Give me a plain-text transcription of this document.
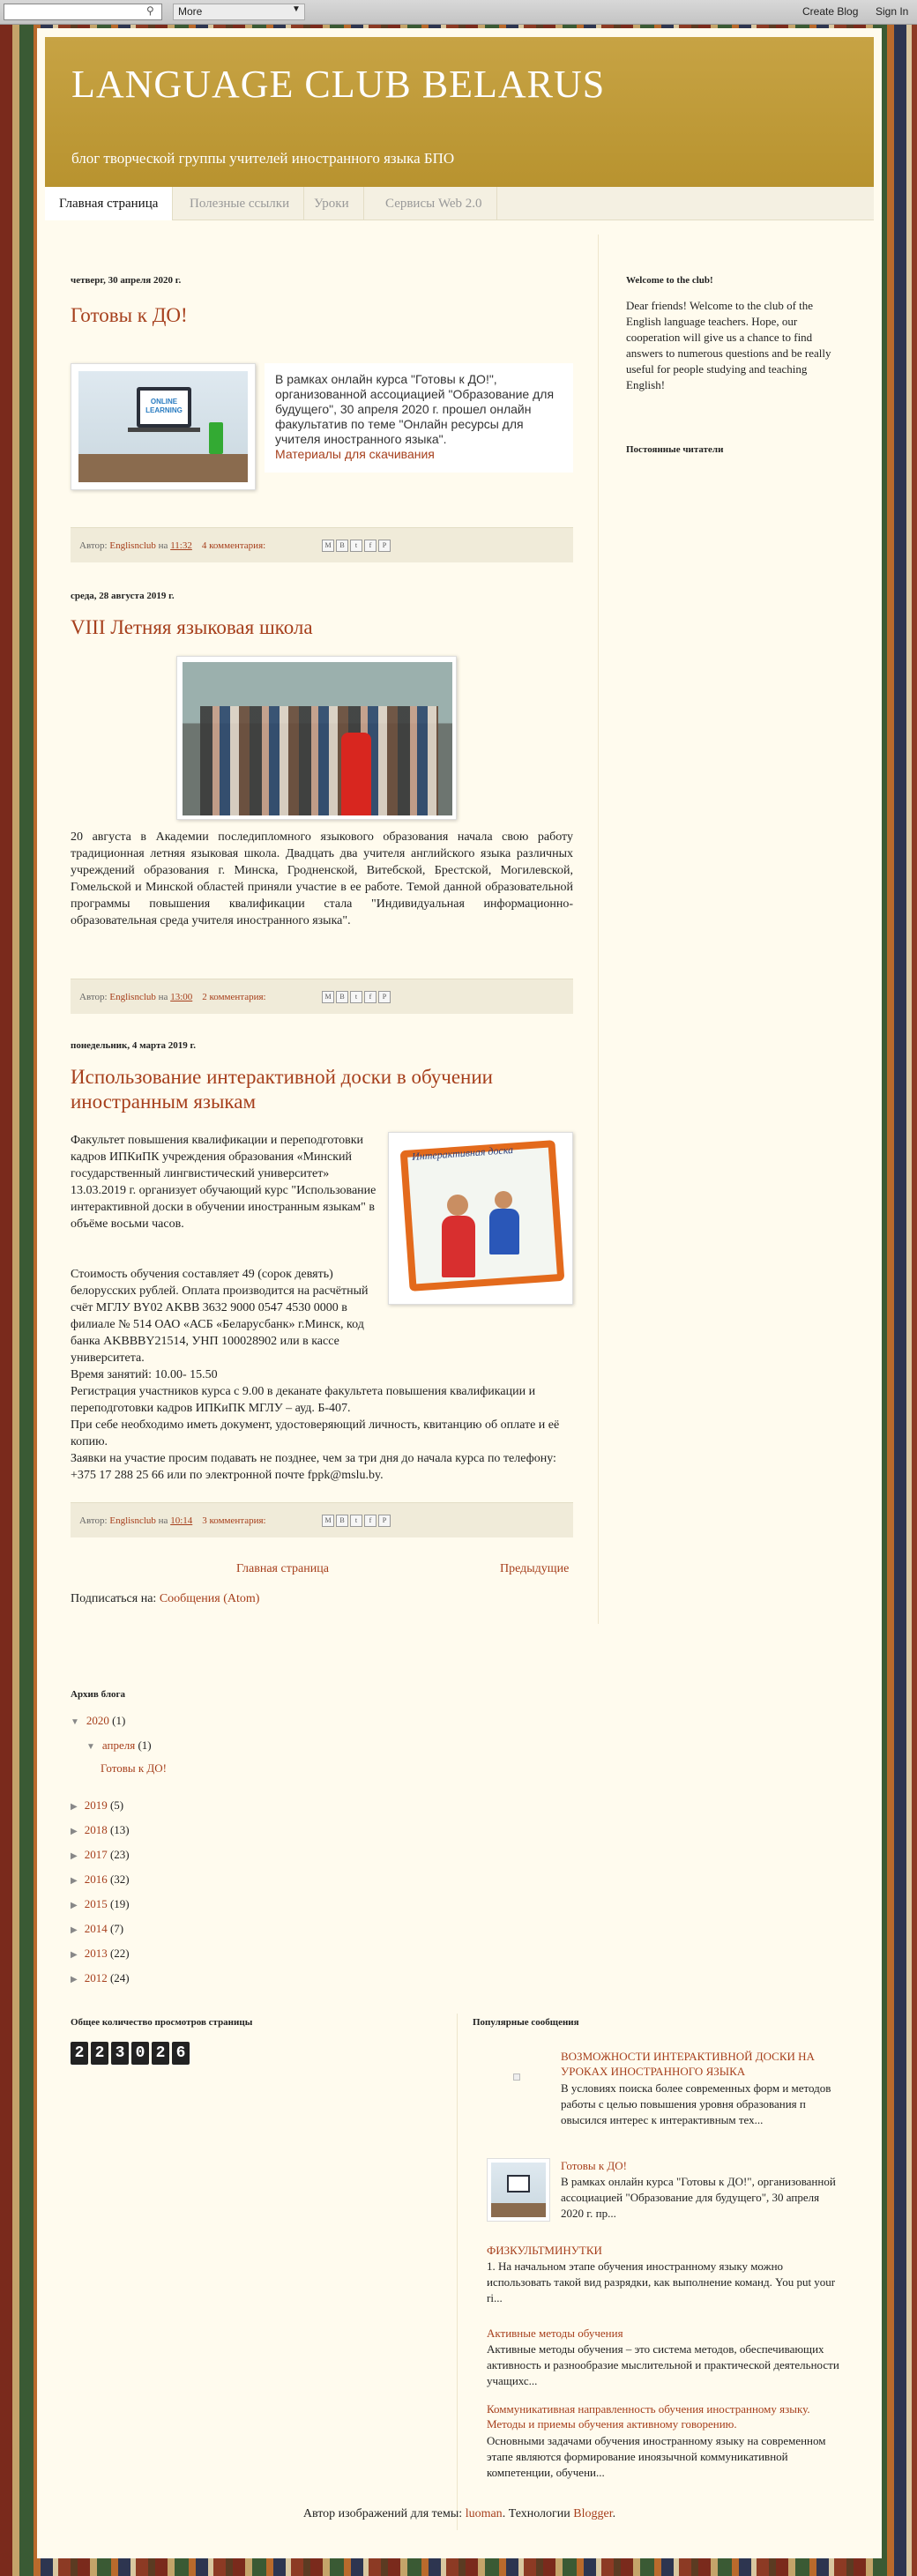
⚲ More	▼	Create Blog Sign In
LANGUAGE CLUB BELARUS
блог творческой группы учителей иностранного языка БПО
Главная страница	Полезные ссылки	Уроки	Сервисы Web 2.0
четверг, 30 апреля 2020 г.
Готовы к ДО!
ONLINE LEARNING
В рамках онлайн курса "Готовы к ДО!", организованной ассоциацией "Образование для будущего", 30 апреля 2020 г. прошел онлайн факультатив по теме "Онлайн ресурсы для учителя иностранного языка".
Материалы для скачивания
Автор: Englisnclub на 11:32 4 комментария:	M	B	t	f	P
среда, 28 августа 2019 г.
VIII Летняя языковая школа
20 августа в Академии последипломного языкового образования начала свою работу традиционная летняя языковая школа. Двадцать два учителя английского языка различных учреждений образования г. Минска, Гродненской, Витебской, Брестской, Могилевской, Гомельской и Минской областей приняли участие в ее работе. Темой данной образовательной программы повышения квалификации стала "Индивидуальная информационно-образовательная среда учителя иностранного языка".
Автор: Englisnclub на 13:00 2 комментария:	M	B	t	f	P
понедельник, 4 марта 2019 г.
Использование интерактивной доски в обучении иностранным языкам
Интерактивная доска
Факультет повышения квалификации и переподготовки кадров ИПКиПК учреждения образования «Минский государственный лингвистический университет» 13.03.2019 г. организует обучающий курс "Использование интерактивной доски в обучении иностранным языкам" в объёме восьми часов.
Стоимость обучения составляет 49 (сорок девять) белорусских рублей. Оплата производится на расчётный счёт МГЛУ BY02 AKBB 3632 9000 0547 4530 0000 в филиале № 514 ОАО «АСБ «Беларусбанк» г.Минск, код банка AKBBBY21514, УНП 100028902 или в кассе университета.
Время занятий: 10.00- 15.50
Регистрация участников курса с 9.00 в деканате факультета повышения квалификации и переподготовки кадров ИПКиПК МГЛУ – ауд. Б-407.
При себе необходимо иметь документ, удостоверяющий личность, квитанцию об оплате и её копию.
Заявки на участие просим подавать не позднее, чем за три дня до начала курса по телефону: +375 17 288 25 66 или по электронной почте fppk@mslu.by.
Автор: Englisnclub на 10:14 3 комментария:	M	B	t	f	P
Главная страница	Предыдущие
Подписаться на: Сообщения (Atom)
Welcome to the club!
Dear friends! Welcome to the club of the English language teachers. Hope, our cooperation will give us a chance to find answers to numerous questions and be really useful for people studying and teaching English!
Постоянные читатели
Архив блога
▼ 2020 (1)
▼ апреля (1)
Готовы к ДО!
▶ 2019 (5)
▶ 2018 (13)
▶ 2017 (23)
▶ 2016 (32)
▶ 2015 (19)
▶ 2014 (7)
▶ 2013 (22)
▶ 2012 (24)
Общее количество просмотров страницы
2 2 3 0 2 6
Популярные сообщения
ВОЗМОЖНОСТИ ИНТЕРАКТИВНОЙ ДОСКИ НА УРОКАХ ИНОСТРАННОГО ЯЗЫКА
В условиях поиска более современных форм и методов работы с целью повышения уровня образования п овысился интерес к интерактивным тех...
Готовы к ДО!
В рамках онлайн курса "Готовы к ДО!", организованной ассоциацией "Образование для будущего", 30 апреля 2020 г. пр...
ФИЗКУЛЬТМИНУТКИ
1. На начальном этапе обучения иностранному языку можно использовать такой вид разрядки, как выполнение команд. You put your ri...
Активные методы обучения
Активные методы обучения – это система методов, обеспечивающих активность и разнообразие мыслительной и практической деятельности учащихс...
Коммуникативная направленность обучения иностранному языку. Методы и приемы обучения активному говорению.
Основными задачами обучения иностранному языку на современном этапе являются формирование иноязычной коммуникативной компетенции, обучени...
Автор изображений для темы: luoman. Технологии Blogger.
